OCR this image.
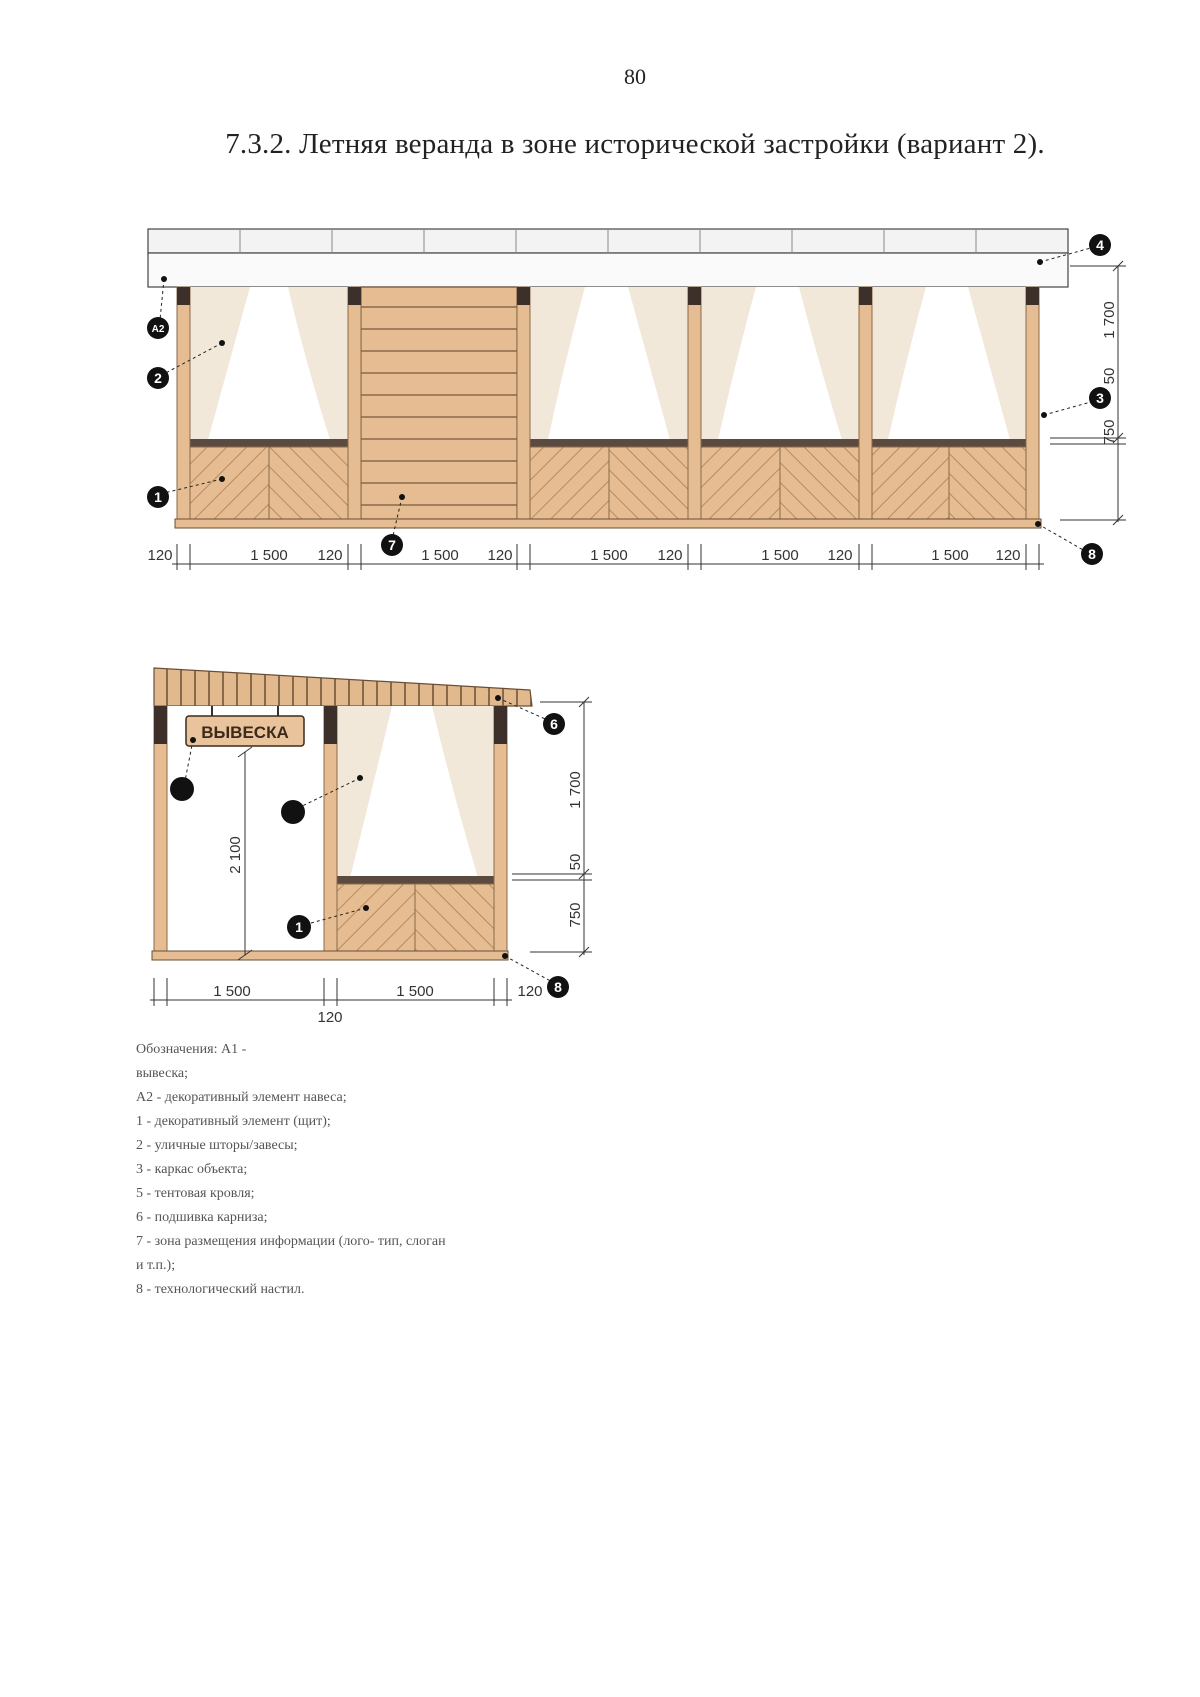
80
7.3.2. Летняя веранда в зоне исторической застройки (вариант 2).
1 700
50
750
120	1 500 120	1 500 120	1 500 120	1 500 120	1 500 120
4
A2
2
3
1
7
8
ВЫВЕСКА
2 100
1 700
50
750
1 500	1 500	120
120
6
1
8

Обозначения: А1 -

вывеска;

А2 - декоративный элемент навеса;

1 - декоративный элемент (щит);

2 - уличные шторы/завесы;

3 - каркас объекта;

5 - тентовая кровля;

6 - подшивка карниза;

7 - зона размещения информации (лого- тип, слоган

и т.п.);

8 - технологический настил.
